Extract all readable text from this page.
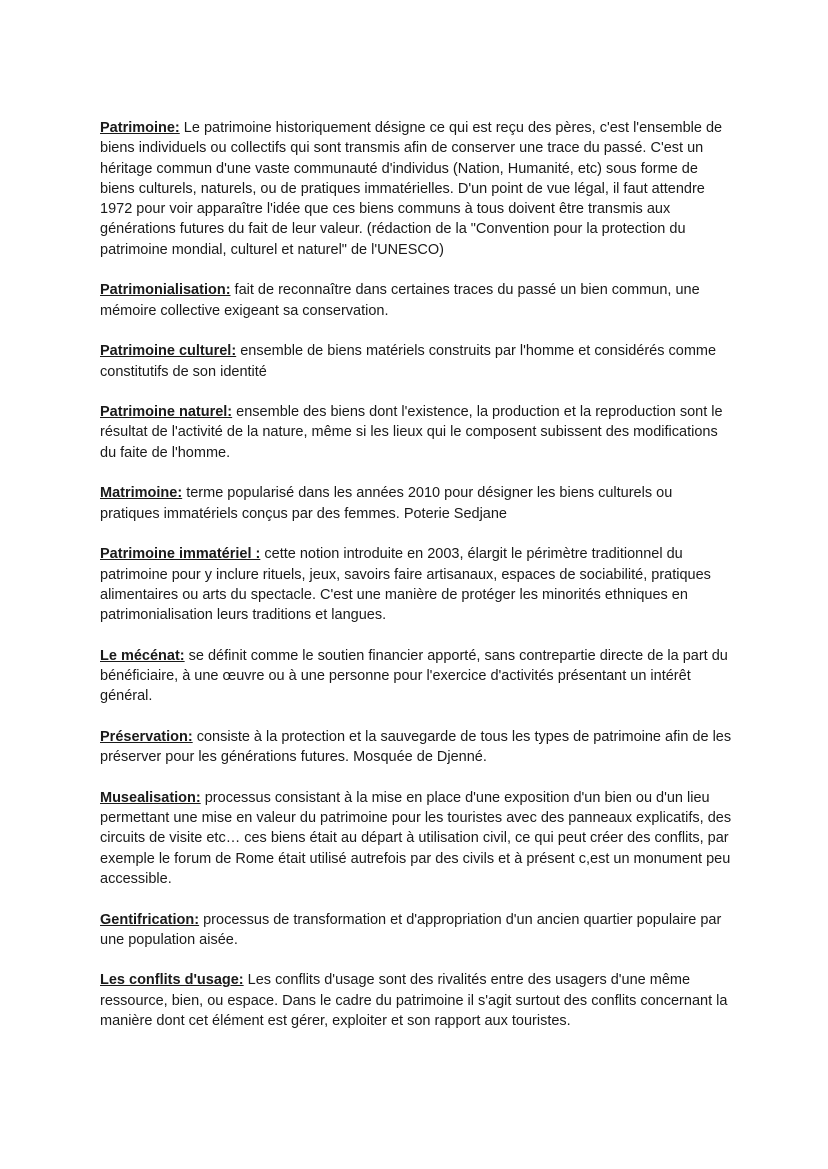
Patrimoine: Le patrimoine historiquement désigne ce qui est reçu des pères, c'est l'ensemble de biens individuels ou collectifs qui sont transmis afin de conserver une trace du passé. C'est un héritage commun d'une vaste communauté d'individus (Nation, Humanité, etc) sous forme de biens culturels, naturels, ou de pratiques immatérielles. D'un point de vue légal, il faut attendre 1972 pour voir apparaître l'idée que ces biens communs à tous doivent être transmis aux générations futures du fait de leur valeur. (rédaction de la "Convention pour la protection du patrimoine mondial, culturel et naturel" de l'UNESCO)

Patrimonialisation: fait de reconnaître dans certaines traces du passé un bien commun, une mémoire collective exigeant sa conservation.

Patrimoine culturel: ensemble de biens matériels construits par l'homme et considérés comme constitutifs de son identité

Patrimoine naturel: ensemble des biens dont l'existence, la production et la reproduction sont le résultat de l'activité de la nature, même si les lieux qui le composent subissent des modifications du faite de l'homme.

Matrimoine: terme popularisé dans les années 2010 pour désigner les biens culturels ou pratiques immatériels conçus par des femmes. Poterie Sedjane

Patrimoine immatériel : cette notion introduite en 2003, élargit le périmètre traditionnel du patrimoine pour y inclure rituels, jeux, savoirs faire artisanaux, espaces de sociabilité, pratiques alimentaires ou arts du spectacle. C'est une manière de protéger les minorités ethniques en patrimonialisation leurs traditions et langues.

Le mécénat: se définit comme le soutien financier apporté, sans contrepartie directe de la part du bénéficiaire, à une œuvre ou à une personne pour l'exercice d'activités présentant un intérêt général.

Préservation: consiste à la protection et la sauvegarde de tous les types de patrimoine afin de les préserver pour les générations futures. Mosquée de Djenné.

Musealisation: processus consistant à la mise en place d'une exposition d'un bien ou d'un lieu permettant une mise en valeur du patrimoine pour les touristes avec des panneaux explicatifs, des circuits de visite etc… ces biens était au départ à utilisation civil, ce qui peut créer des conflits, par exemple le forum de Rome était utilisé autrefois par des civils et à présent c,est un monument peu accessible.

Gentifrication: processus de transformation et d'appropriation d'un ancien quartier populaire par une population aisée.

Les conflits d'usage: Les conflits d'usage sont des rivalités entre des usagers d'une même ressource, bien, ou espace. Dans le cadre du patrimoine il s'agit surtout des conflits concernant la manière dont cet élément est gérer, exploiter et son rapport aux touristes.
